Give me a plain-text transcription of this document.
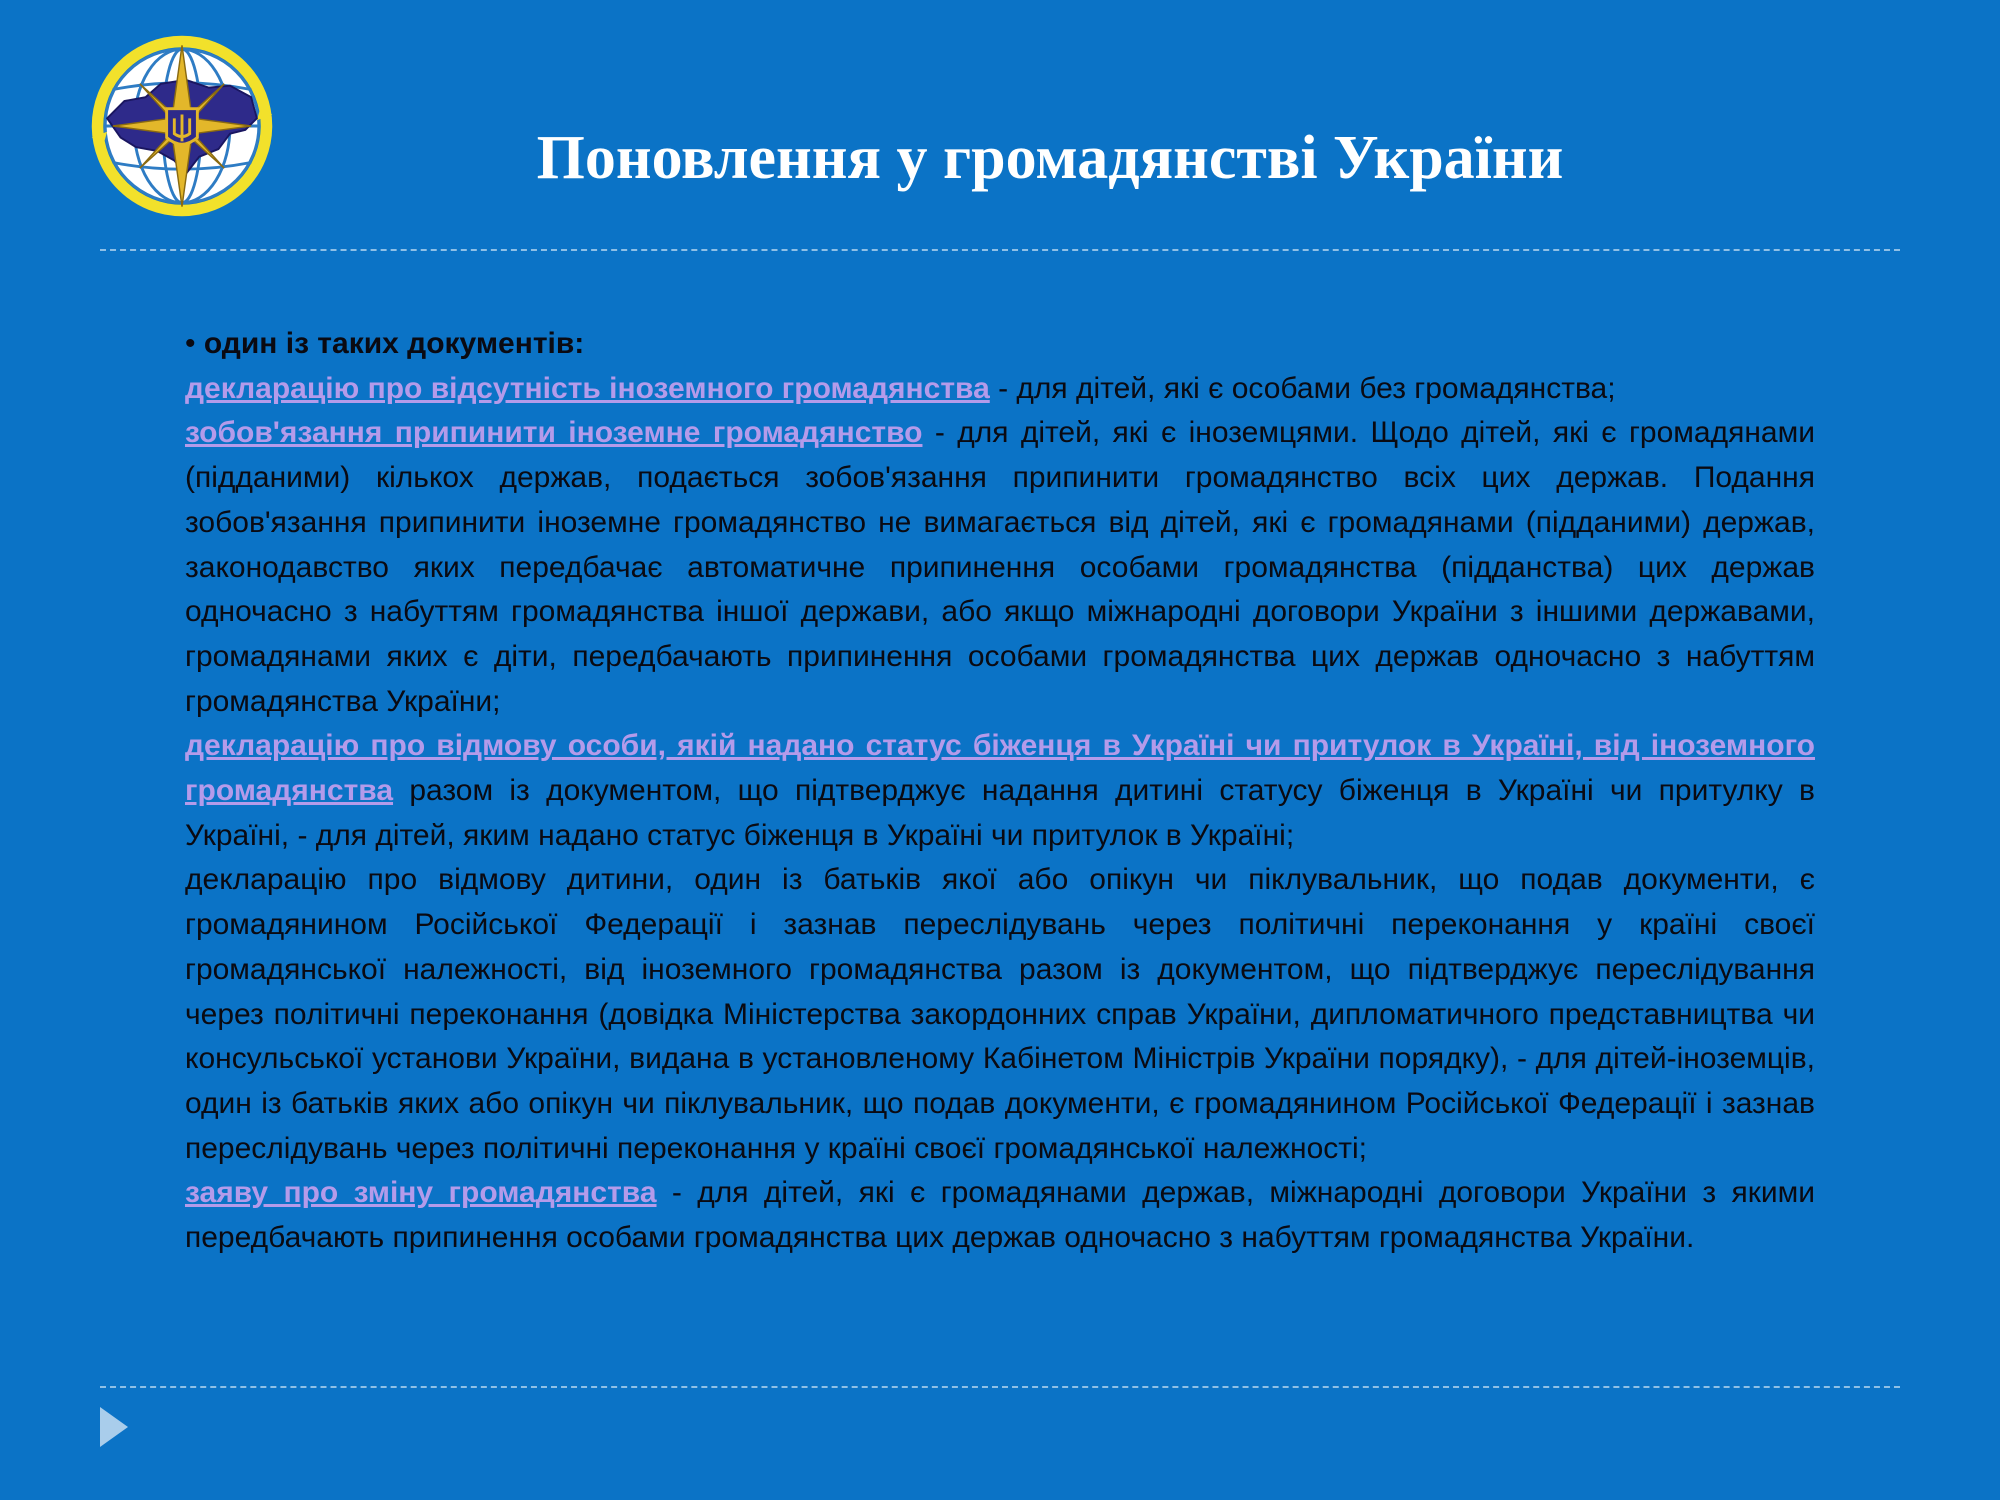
Поновлення у громадянстві України

• один із таких документів:

декларацію про відсутність іноземного громадянства - для дітей, які є особами без громадянства;

зобов'язання припинити іноземне громадянство - для дітей, які є іноземцями. Щодо дітей, які є громадянами (підданими) кількох держав, подається зобов'язання припинити громадянство всіх цих держав. Подання зобов'язання припинити іноземне громадянство не вимагається від дітей, які є громадянами (підданими) держав, законодавство яких передбачає автоматичне припинення особами громадянства (підданства) цих держав одночасно з набуттям громадянства іншої держави, або якщо міжнародні договори України з іншими державами, громадянами яких є діти, передбачають припинення особами громадянства цих держав одночасно з набуттям громадянства України;

декларацію про відмову особи, якій надано статус біженця в Україні чи притулок в Україні, від іноземного громадянства разом із документом, що підтверджує надання дитині статусу біженця в Україні чи притулку в Україні, - для дітей, яким надано статус біженця в Україні чи притулок в Україні;

декларацію про відмову дитини, один із батьків якої або опікун чи піклувальник, що подав документи, є громадянином Російської Федерації і зазнав переслідувань через політичні переконання у країні своєї громадянської належності, від іноземного громадянства разом із документом, що підтверджує переслідування через політичні переконання (довідка Міністерства закордонних справ України, дипломатичного представництва чи консульської установи України, видана в установленому Кабінетом Міністрів України порядку), - для дітей-іноземців, один із батьків яких або опікун чи піклувальник, що подав документи, є громадянином Російської Федерації і зазнав переслідувань через політичні переконання у країні своєї громадянської належності;

заяву про зміну громадянства - для дітей, які є громадянами держав, міжнародні договори України з якими передбачають припинення особами громадянства цих держав одночасно з набуттям громадянства України.
